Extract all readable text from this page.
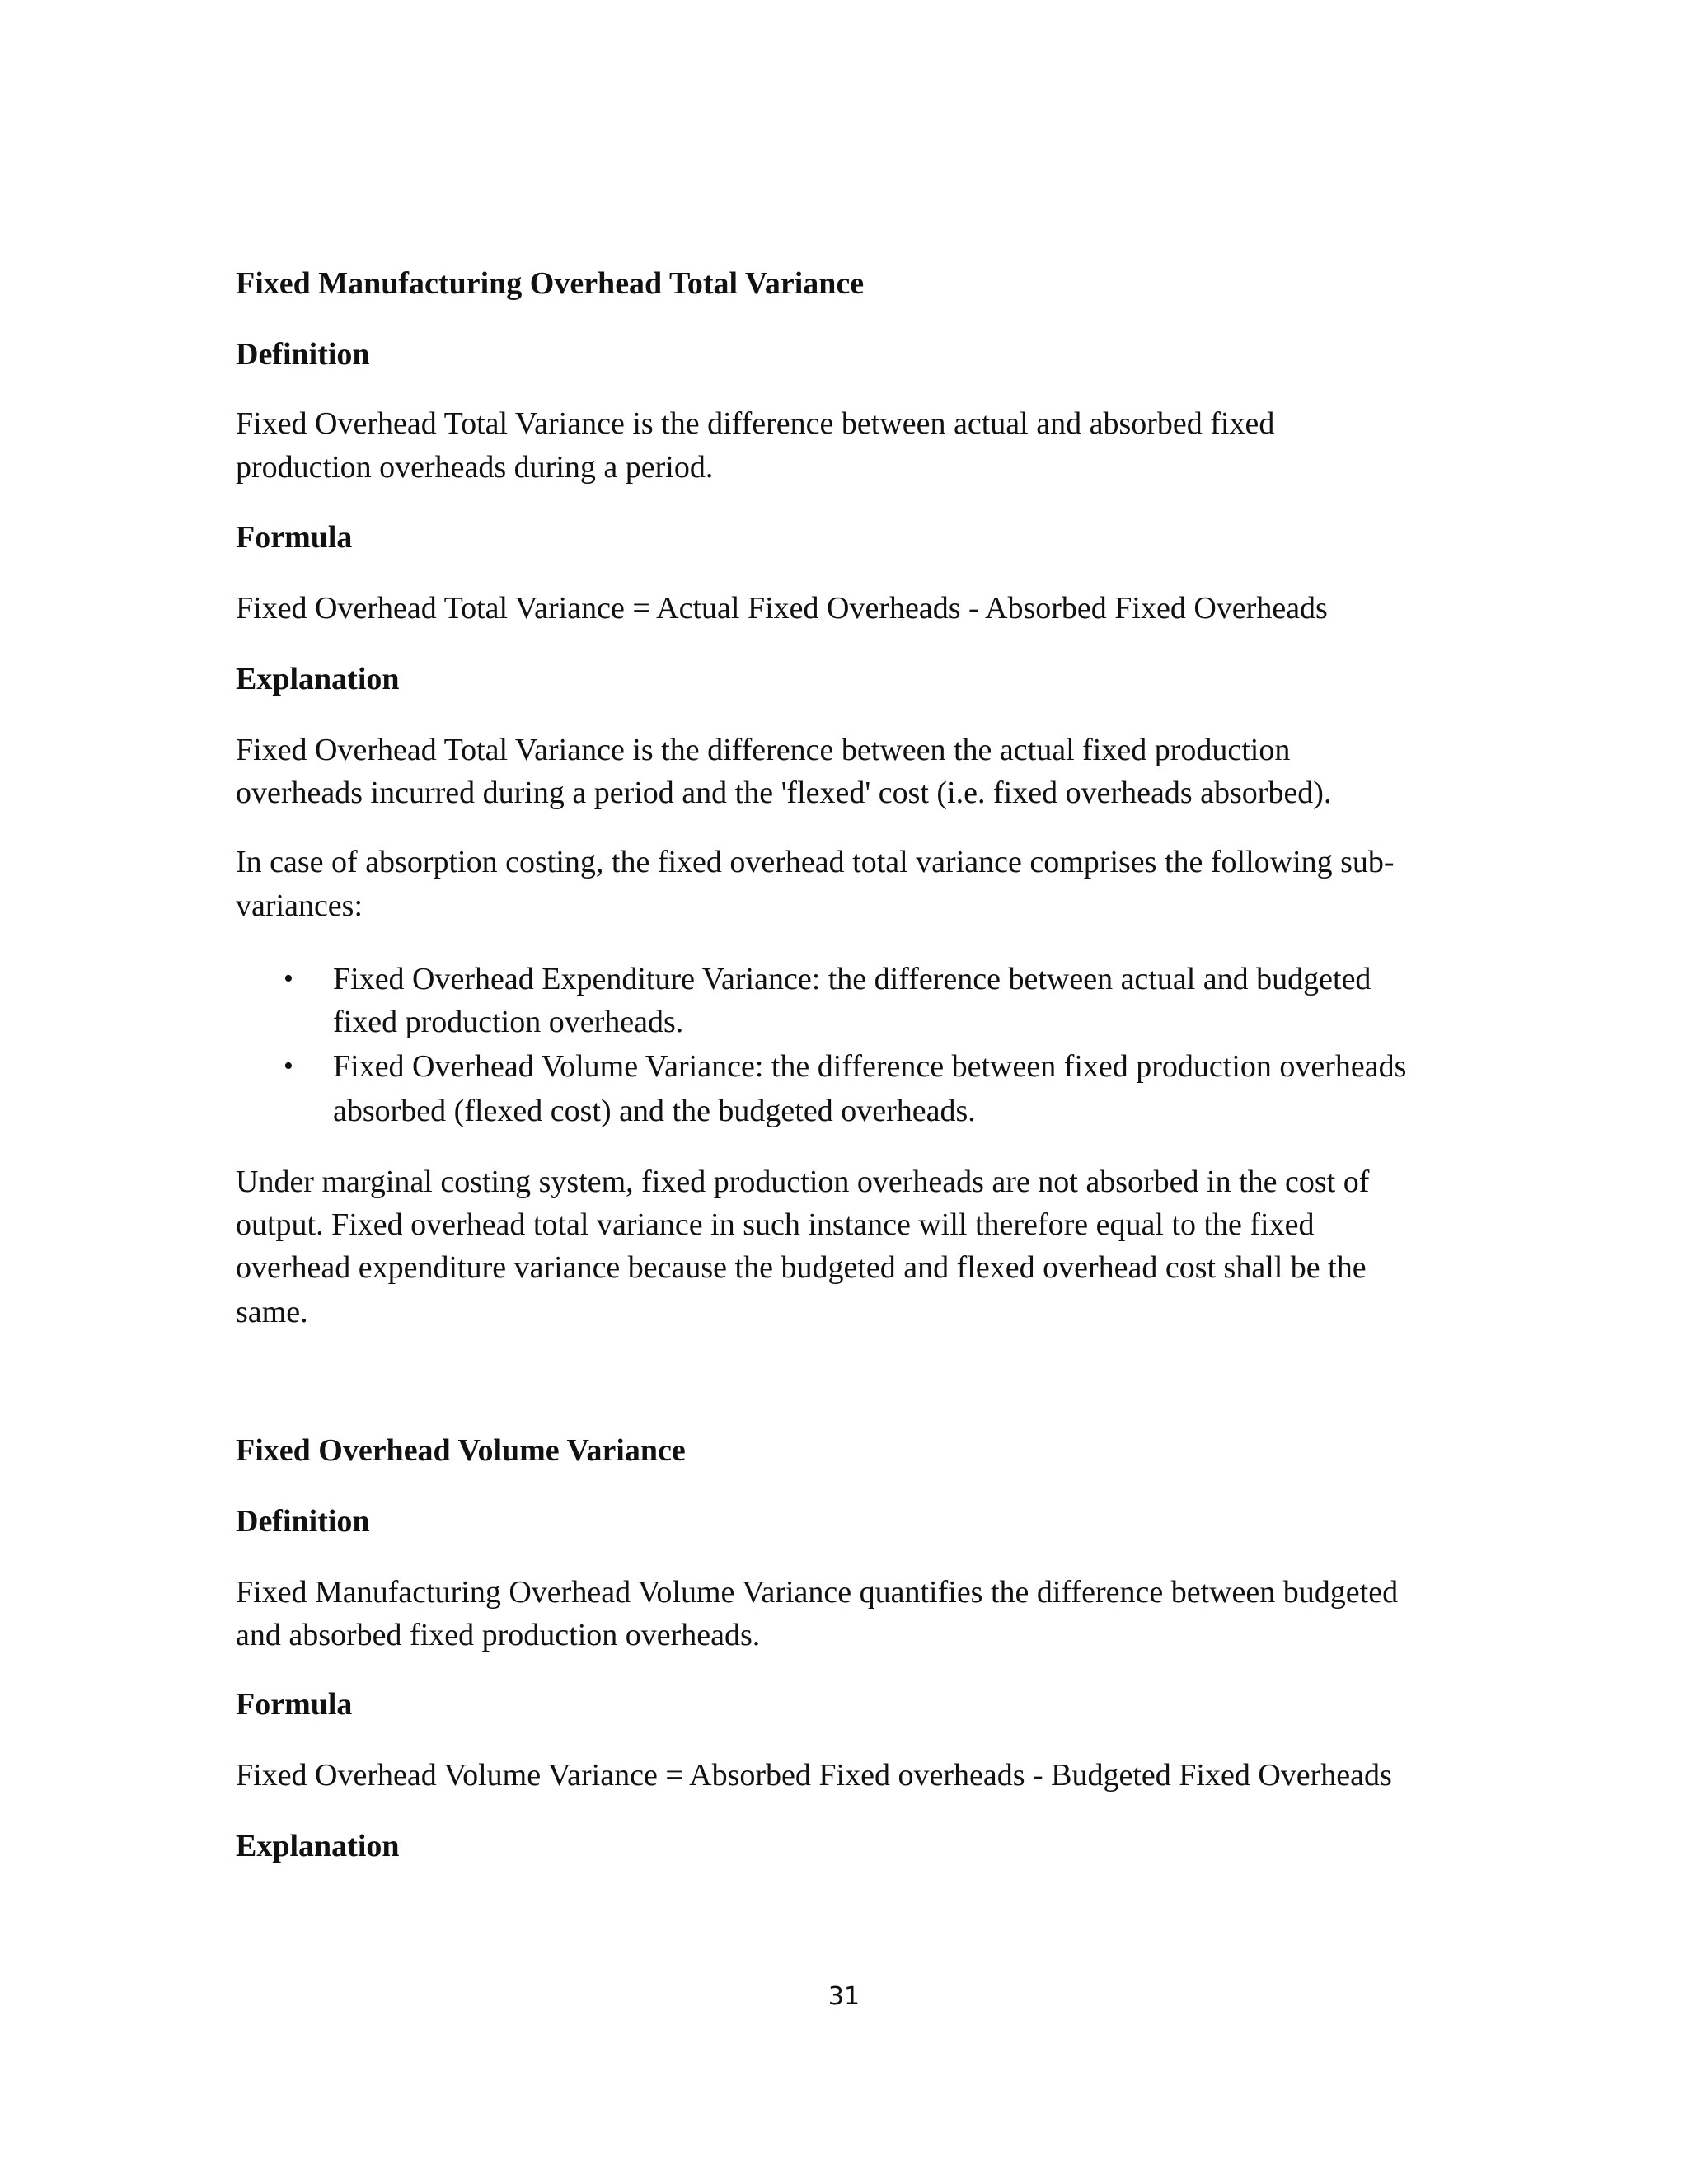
Fixed Manufacturing Overhead Total Variance

Definition

Fixed Overhead Total Variance is the difference between actual and absorbed fixed

production overheads during a period.

Formula

Fixed Overhead Total Variance = Actual Fixed Overheads - Absorbed Fixed Overheads

Explanation

Fixed Overhead Total Variance is the difference between the actual fixed production

overheads incurred during a period and the 'flexed' cost (i.e. fixed overheads absorbed).

In case of absorption costing, the fixed overhead total variance comprises the following sub-

variances:

• Fixed Overhead Expenditure Variance: the difference between actual and budgeted

fixed production overheads.

• Fixed Overhead Volume Variance: the difference between fixed production overheads

absorbed (flexed cost) and the budgeted overheads.

Under marginal costing system, fixed production overheads are not absorbed in the cost of

output. Fixed overhead total variance in such instance will therefore equal to the fixed

overhead expenditure variance because the budgeted and flexed overhead cost shall be the

same.

Fixed Overhead Volume Variance

Definition

Fixed Manufacturing Overhead Volume Variance quantifies the difference between budgeted

and absorbed fixed production overheads.

Formula

Fixed Overhead Volume Variance = Absorbed Fixed overheads - Budgeted Fixed Overheads

Explanation

31
